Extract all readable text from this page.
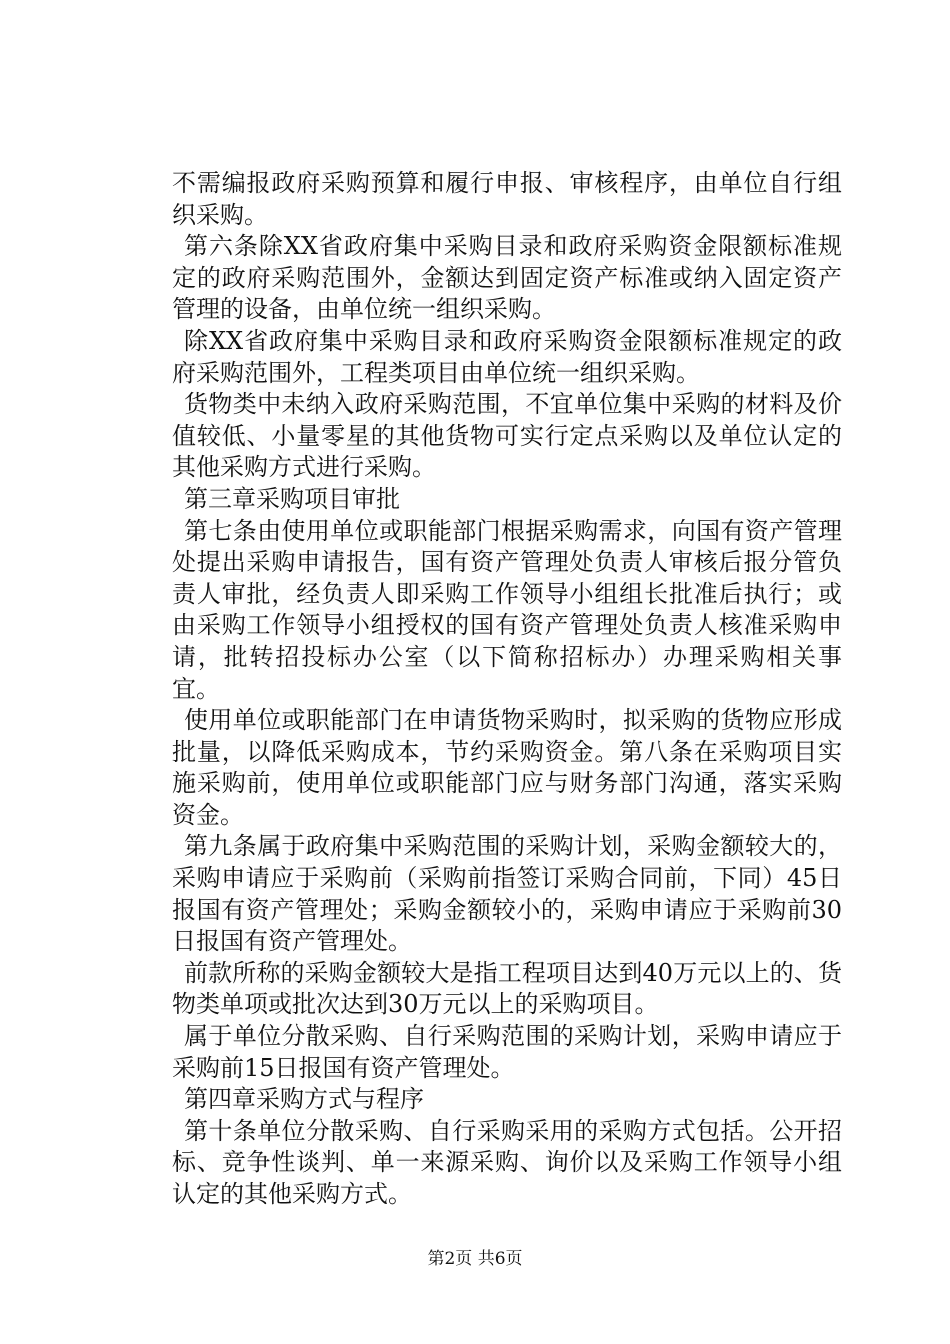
不需编报政府采购预算和履行申报、审核程序，由单位自行组织采购。

第六条除XX省政府集中采购目录和政府采购资金限额标准规定的政府采购范围外，金额达到固定资产标准或纳入固定资产管理的设备，由单位统一组织采购。

除XX省政府集中采购目录和政府采购资金限额标准规定的政府采购范围外，工程类项目由单位统一组织采购。

货物类中未纳入政府采购范围，不宜单位集中采购的材料及价值较低、小量零星的其他货物可实行定点采购以及单位认定的其他采购方式进行采购。

第三章采购项目审批

第七条由使用单位或职能部门根据采购需求，向国有资产管理处提出采购申请报告，国有资产管理处负责人审核后报分管负责人审批，经负责人即采购工作领导小组组长批准后执行；或由采购工作领导小组授权的国有资产管理处负责人核准采购申请，批转招投标办公室（以下简称招标办）办理采购相关事宜。

使用单位或职能部门在申请货物采购时，拟采购的货物应形成批量，以降低采购成本，节约采购资金。第八条在采购项目实施采购前，使用单位或职能部门应与财务部门沟通，落实采购资金。

第九条属于政府集中采购范围的采购计划，采购金额较大的，采购申请应于采购前（采购前指签订采购合同前，下同）45日报国有资产管理处；采购金额较小的，采购申请应于采购前30日报国有资产管理处。

前款所称的采购金额较大是指工程项目达到40万元以上的、货物类单项或批次达到30万元以上的采购项目。

属于单位分散采购、自行采购范围的采购计划，采购申请应于采购前15日报国有资产管理处。

第四章采购方式与程序

第十条单位分散采购、自行采购采用的采购方式包括。公开招标、竞争性谈判、单一来源采购、询价以及采购工作领导小组认定的其他采购方式。

第2页 共6页
